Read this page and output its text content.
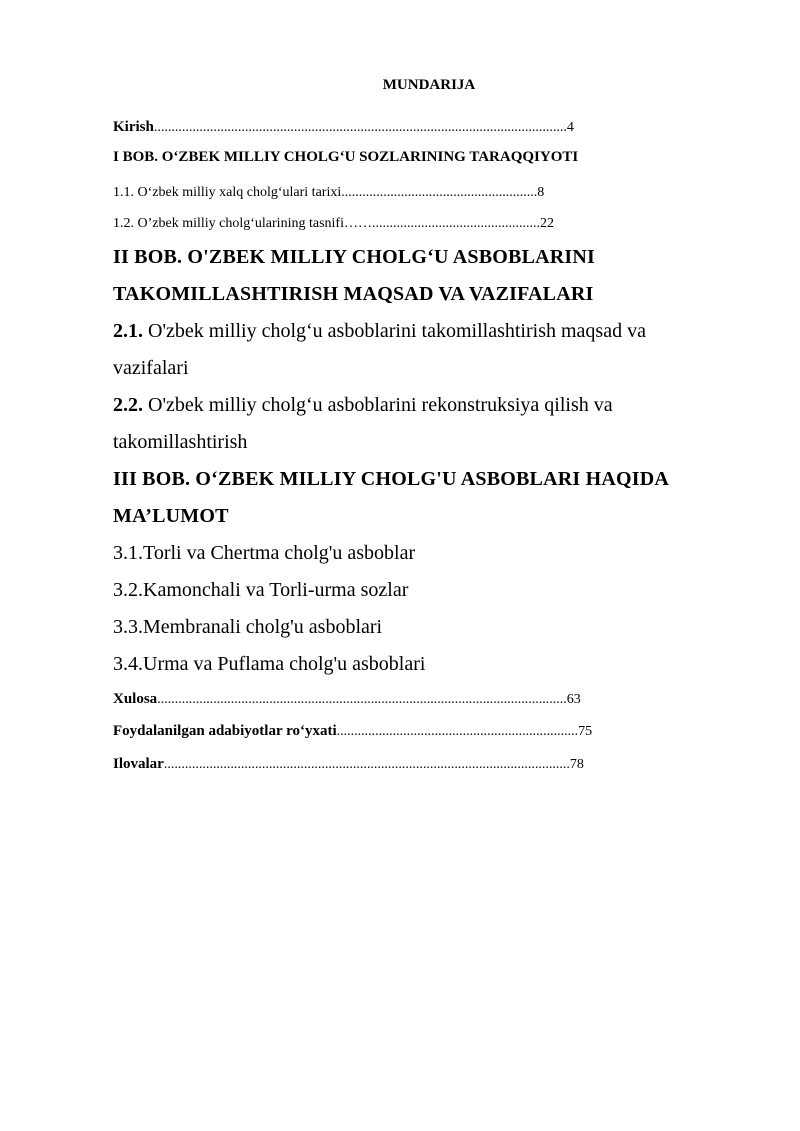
MUNDARIJA
Kirish......................................................................................................................4
I BOB. O‘ZBEK MILLIY CHOLG‘U SOZLARINING TARAQQIYOTI
1.1. O‘zbek milliy xalq cholg‘ulari tarixi........................................................8
1.2. O’zbek milliy cholg‘ularining tasnifi……................................................22
II BOB. O'ZBEK MILLIY CHOLG‘U ASBOBLARINI
TAKOMILLASHTIRISH MAQSAD VA VAZIFALARI
2.1. O'zbek milliy cholg‘u asboblarini takomillashtirish maqsad va
vazifalari
2.2. O'zbek milliy cholg‘u asboblarini rekonstruksiya qilish va
takomillashtirish
III BOB. O‘ZBEK MILLIY CHOLG'U ASBOBLARI HAQIDA
MA’LUMOT
3.1.Torli va Chertma cholg'u asboblar
3.2.Kamonchali va Torli-urma sozlar
3.3.Membranali cholg'u asboblari
3.4.Urma va Puflama cholg'u asboblari
Xulosa.....................................................................................................................63
Foydalanilgan adabiyotlar ro‘yxati.....................................................................75
Ilovalar....................................................................................................................78
